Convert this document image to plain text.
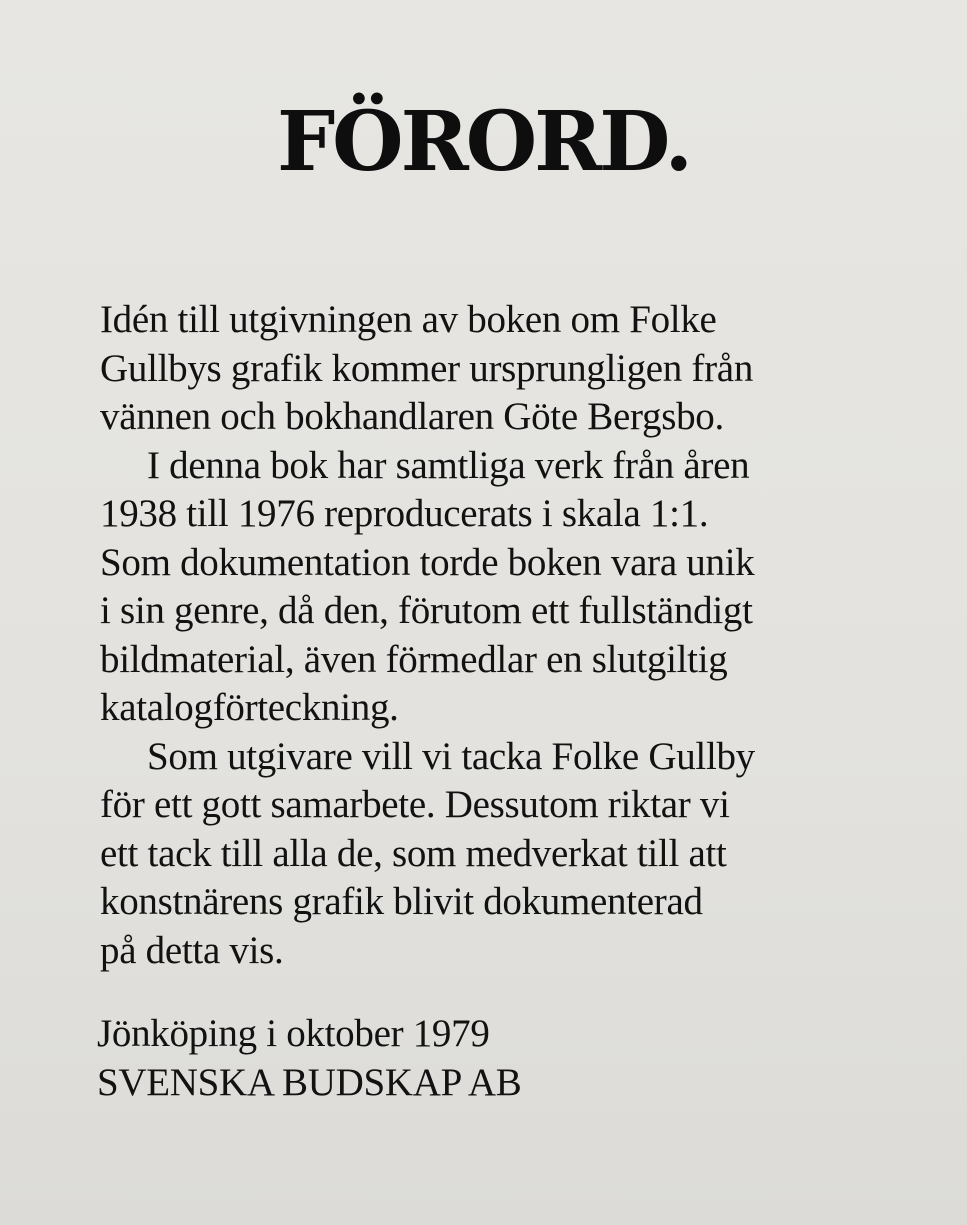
FÖRORD.
Idén till utgivningen av boken om Folke
Gullbys grafik kommer ursprungligen från
vännen och bokhandlaren Göte Bergsbo.
I denna bok har samtliga verk från åren
1938 till 1976 reproducerats i skala 1:1.
Som dokumentation torde boken vara unik
i sin genre, då den, förutom ett fullständigt
bildmaterial, även förmedlar en slutgiltig
katalogförteckning.
Som utgivare vill vi tacka Folke Gullby
för ett gott samarbete. Dessutom riktar vi
ett tack till alla de, som medverkat till att
konstnärens grafik blivit dokumenterad
på detta vis.
Jönköping i oktober 1979
SVENSKA BUDSKAP AB
